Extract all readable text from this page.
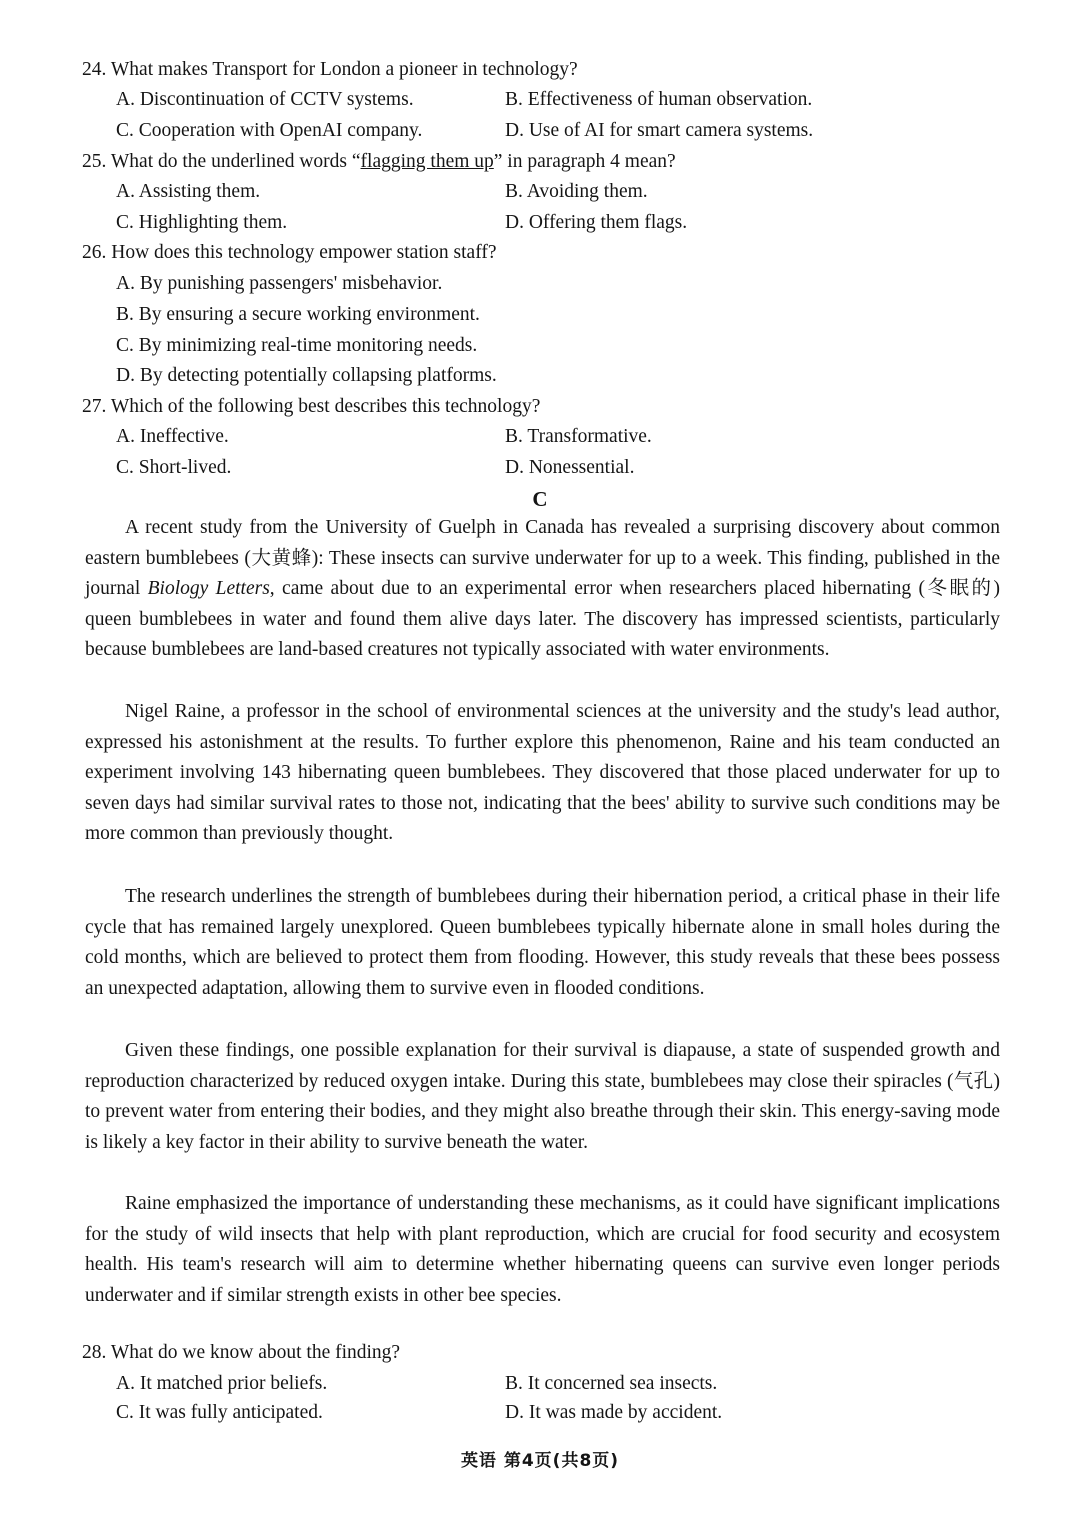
24. What makes Transport for London a pioneer in technology?
A. Discontinuation of CCTV systems.	B. Effectiveness of human observation.
C. Cooperation with OpenAI company.	D. Use of AI for smart camera systems.
25. What do the underlined words “flagging them up” in paragraph 4 mean?
A. Assisting them.	B. Avoiding them.
C. Highlighting them.	D. Offering them flags.
26. How does this technology empower station staff?
A. By punishing passengers' misbehavior.
B. By ensuring a secure working environment.
C. By minimizing real-time monitoring needs.
D. By detecting potentially collapsing platforms.
27. Which of the following best describes this technology?
A. Ineffective.	B. Transformative.
C. Short-lived.	D. Nonessential.
C
A recent study from the University of Guelph in Canada has revealed a surprising discovery about common eastern bumblebees (大黄蜂): These insects can survive underwater for up to a week. This finding, published in the journal Biology Letters, came about due to an experimental error when researchers placed hibernating (冬眠的) queen bumblebees in water and found them alive days later. The discovery has impressed scientists, particularly because bumblebees are land-based creatures not typically associated with water environments.
Nigel Raine, a professor in the school of environmental sciences at the university and the study's lead author, expressed his astonishment at the results. To further explore this phenomenon, Raine and his team conducted an experiment involving 143 hibernating queen bumblebees. They discovered that those placed underwater for up to seven days had similar survival rates to those not, indicating that the bees' ability to survive such conditions may be more common than previously thought.
The research underlines the strength of bumblebees during their hibernation period, a critical phase in their life cycle that has remained largely unexplored. Queen bumblebees typically hibernate alone in small holes during the cold months, which are believed to protect them from flooding. However, this study reveals that these bees possess an unexpected adaptation, allowing them to survive even in flooded conditions.
Given these findings, one possible explanation for their survival is diapause, a state of suspended growth and reproduction characterized by reduced oxygen intake. During this state, bumblebees may close their spiracles (气孔) to prevent water from entering their bodies, and they might also breathe through their skin. This energy-saving mode is likely a key factor in their ability to survive beneath the water.
Raine emphasized the importance of understanding these mechanisms, as it could have significant implications for the study of wild insects that help with plant reproduction, which are crucial for food security and ecosystem health. His team's research will aim to determine whether hibernating queens can survive even longer periods underwater and if similar strength exists in other bee species.
28. What do we know about the finding?
A. It matched prior beliefs.	B. It concerned sea insects.
C. It was fully anticipated.	D. It was made by accident.
英语 第4页(共8页)
